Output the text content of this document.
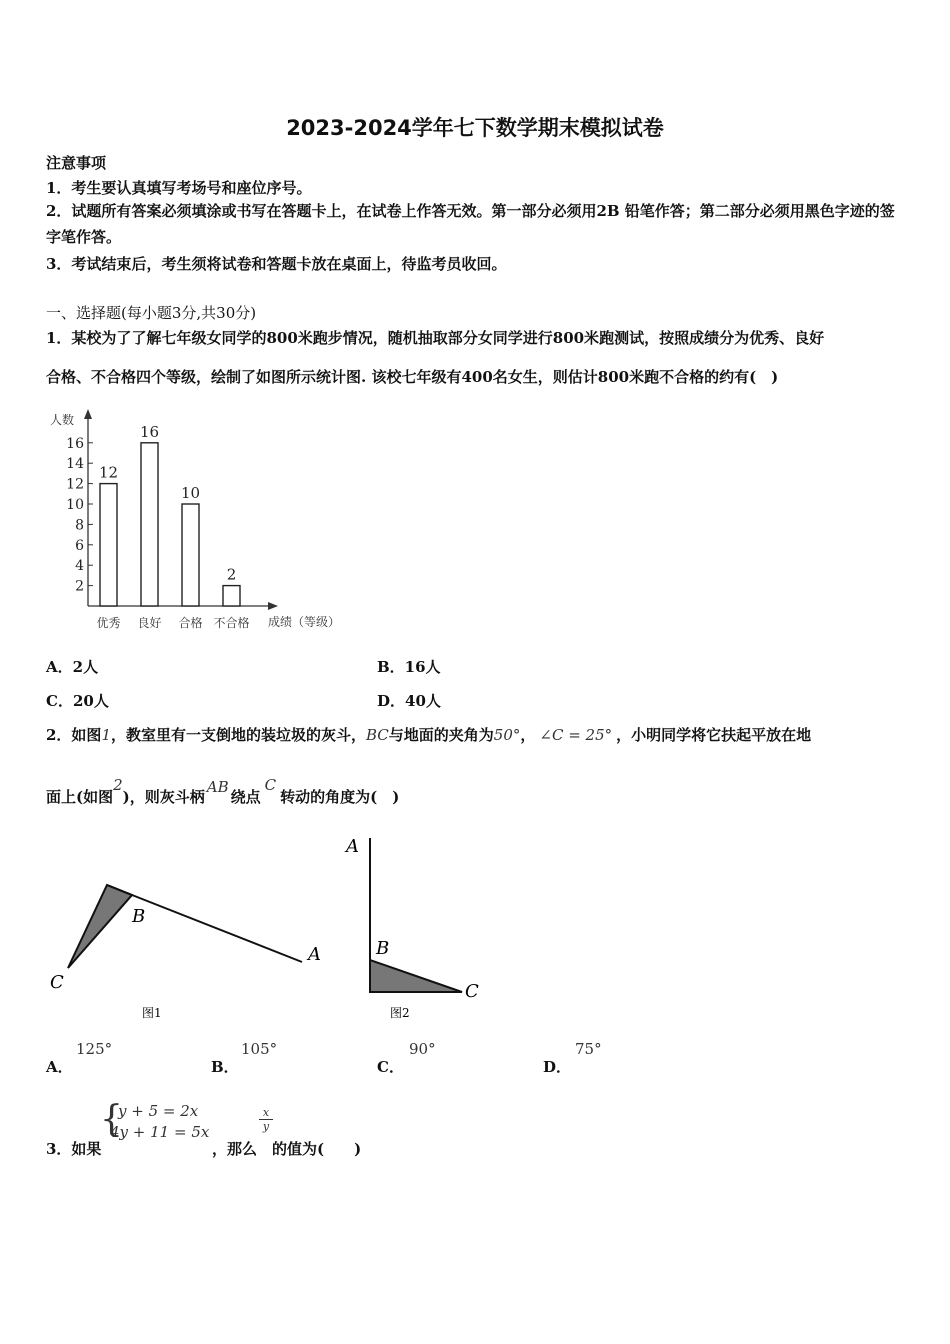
2023-2024学年七下数学期末模拟试卷
注意事项
1．考生要认真填写考场号和座位序号。
2．试题所有答案必须填涂或书写在答题卡上，在试卷上作答无效。第一部分必须用2B 铅笔作答；第二部分必须用黑色字迹的签字笔作答。
3．考试结束后，考生须将试卷和答题卡放在桌面上，待监考员收回。
一、选择题(每小题3分,共30分)
1．某校为了了解七年级女同学的800米跑步情况，随机抽取部分女同学进行800米跑测试，按照成绩分为优秀、良好
合格、不合格四个等级，绘制了如图所示统计图. 该校七年级有400名女生，则估计800米跑不合格的约有(　)
人数
成绩（等级）
2
4
6
8
10
12
14
16
12
优秀
16
良好
10
合格
2
不合格
A．2人	B．16人
C．20人	D．40人
2．如图1，教室里有一支倒地的装垃圾的灰斗，BC与地面的夹角为50°， ∠C = 25° ，小明同学将它扶起平放在地
面上(如图2)，则灰斗柄AB绕点C转动的角度为(　)
B
A
C
图1
A
B
C
图2
A．
125°
B．
105°
C．
90°
D．
75°
3．如果
{
y + 5 = 2x
4y + 11 = 5x
，那么
$\frac{x}{y}$
的值为(　　)
